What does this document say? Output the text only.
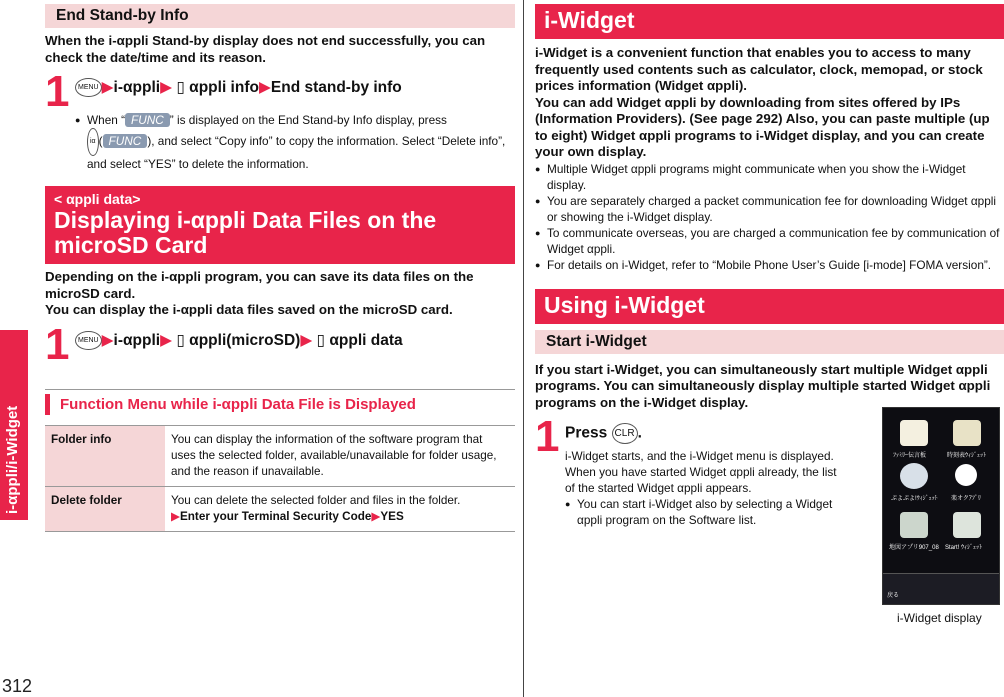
i-αppli/i-Widget
312
End Stand-by Info
When the i-αppli Stand-by display does not end successfully, you can check the date/time and its reason.
1	MENU ▶i-αppli▶ ▯ αppli info▶End stand-by info
● When “ FUNC ” is displayed on the End Stand-by Info display, press
iα ( FUNC ), and select “Copy info” to copy the information. Select “Delete info”, and select “YES” to delete the information.
< αppli data>
Displaying i-αppli Data Files on the microSD Card
Depending on the i-αppli program, you can save its data files on the microSD card.
You can display the i-αppli data files saved on the microSD card.
1	MENU ▶i-αppli▶ ▯ αppli(microSD)▶ ▯ αppli data
Function Menu while i-αppli Data File is Displayed
Folder info	You can display the information of the software program that uses the selected folder, available/unavailable for folder usage, and the reason if unavailable.
Delete folder	You can delete the selected folder and files in the folder.
▶Enter your Terminal Security Code▶YES
i-Widget
i-Widget is a convenient function that enables you to access to many frequently used contents such as calculator, clock, memopad, or stock prices information (Widget αppli).
You can add Widget αppli by downloading from sites offered by IPs (Information Providers). (See page 292) Also, you can paste multiple (up to eight) Widget αppli programs to i-Widget display, and you can create your own display.
● Multiple Widget αppli programs might communicate when you show the i-Widget display.
● You are separately charged a packet communication fee for downloading Widget αppli or showing the i-Widget display.
● To communicate overseas, you are charged a communication fee by communication of Widget αppli.
● For details on i-Widget, refer to “Mobile Phone User’s Guide [i-mode] FOMA version”.
Using i-Widget
Start i-Widget
If you start i-Widget, you can simultaneously start multiple Widget αppli programs. You can simultaneously display multiple started Widget αppli programs on the i-Widget display.
1 Press CLR .
i-Widget starts, and the i-Widget menu is displayed. When you have started Widget αppli already, the list of the started Widget αppli appears.
● You can start i-Widget also by selecting a Widget αppli program on the Software list.
ﾌｧﾐﾘｰ伝言板	時刻表ｳｨｼﾞｪｯﾄ
ぷよぷよ!ｳｨｼﾞｪｯﾄ 楽オクｱﾌﾟﾘ
地図アプリ907_08 Start! ｳｨｼﾞｪｯﾄ
戻る
i-Widget display
